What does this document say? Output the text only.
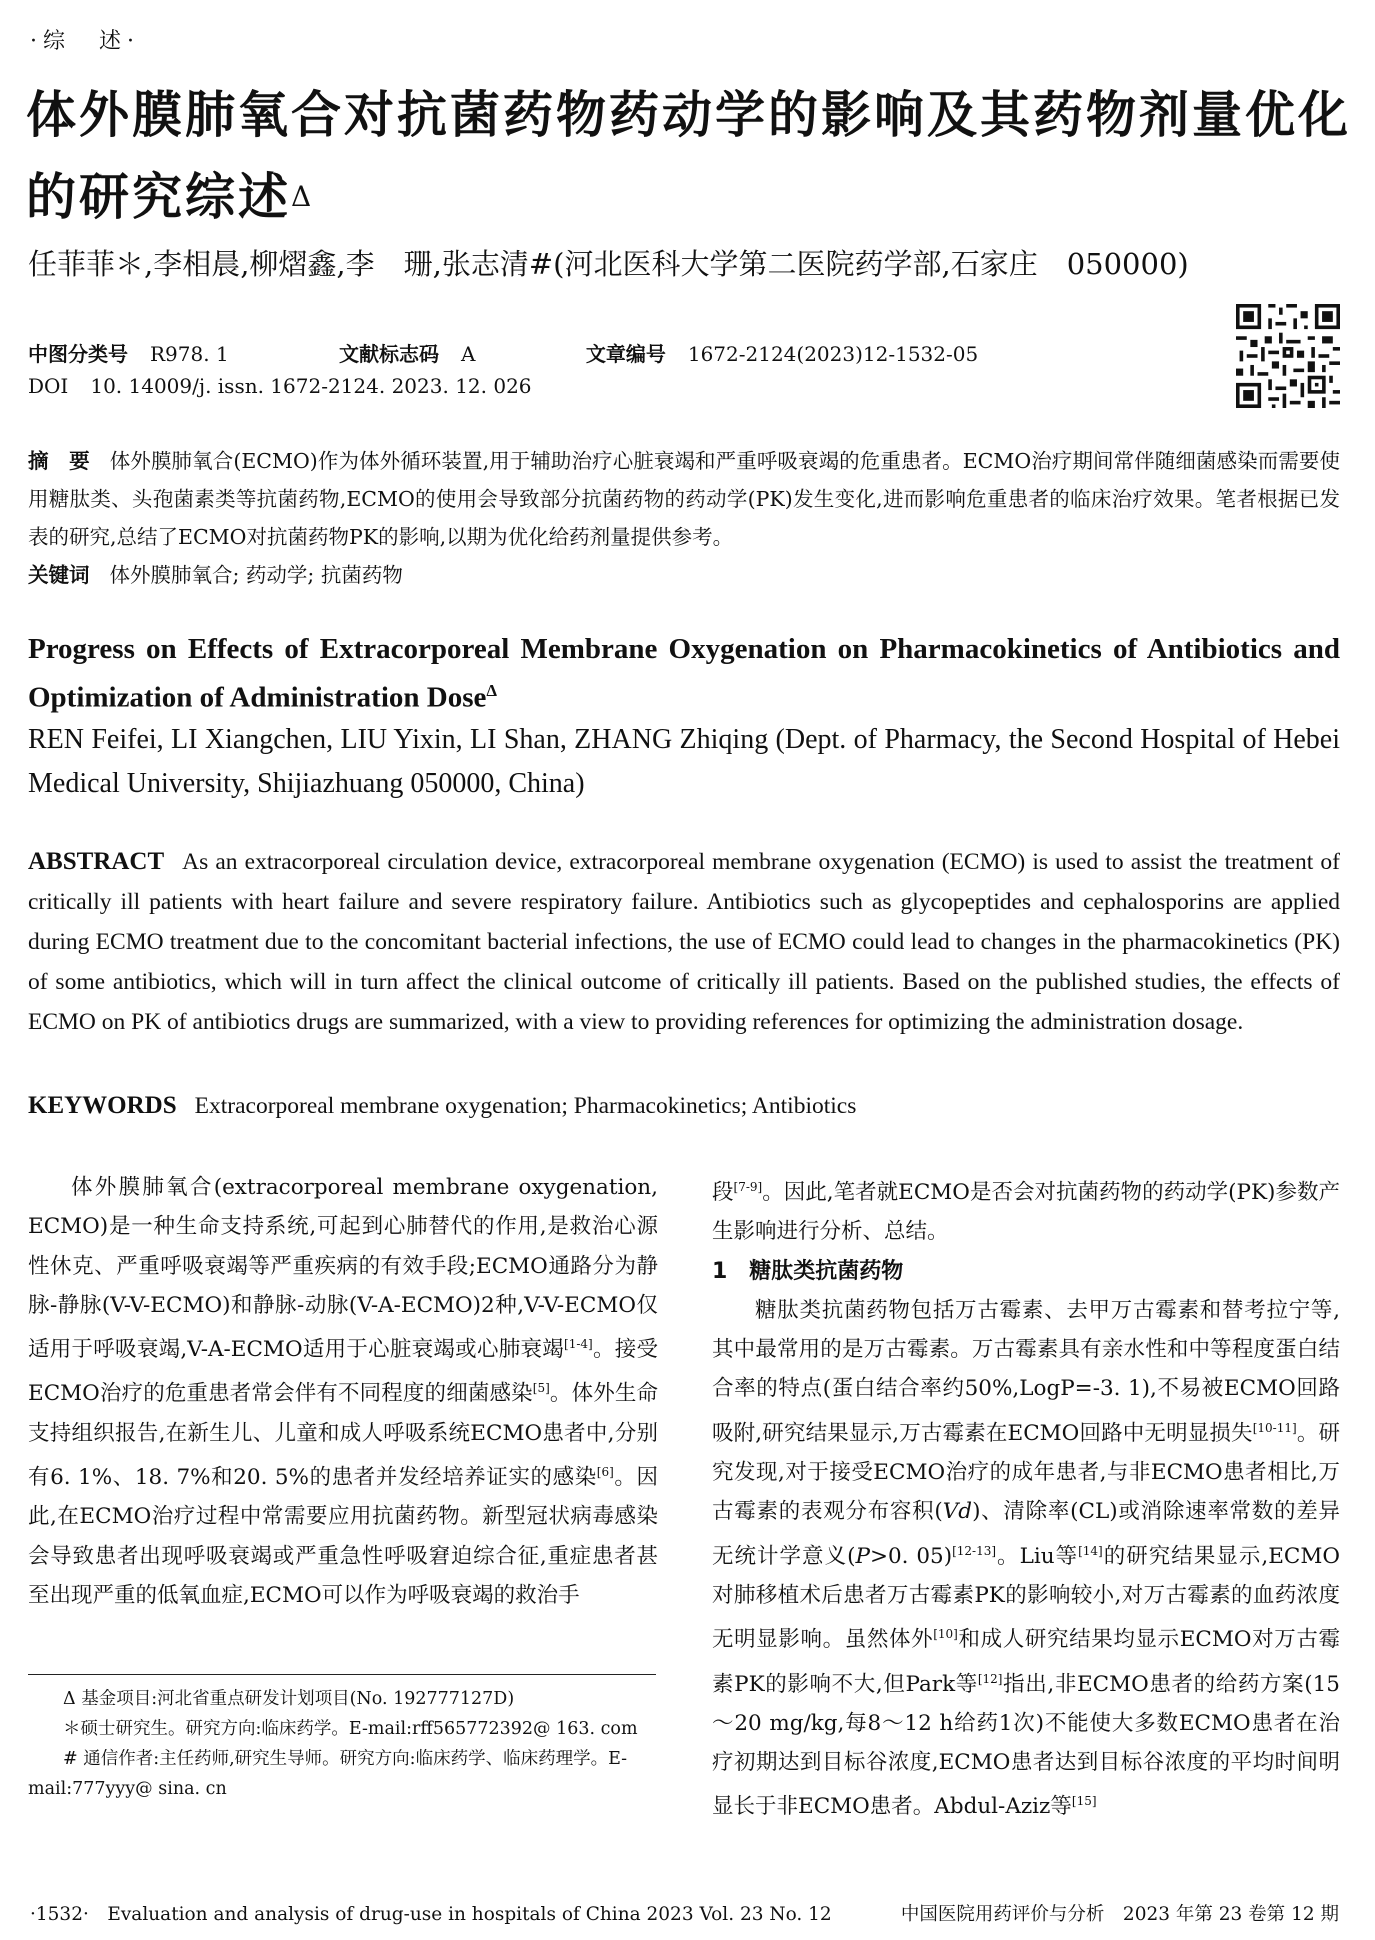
·综　述·
体外膜肺氧合对抗菌药物药动学的影响及其药物剂量优化的研究综述$^\Delta$
任菲菲＊,李相晨,柳熠鑫,李　珊,张志清#(河北医科大学第二医院药学部,石家庄　050000)
中图分类号 R978. 1	文献标志码 A	文章编号 1672-2124(2023)12-1532-05
DOI 10. 14009/j. issn. 1672-2124. 2023. 12. 026
摘　要 体外膜肺氧合(ECMO)作为体外循环装置,用于辅助治疗心脏衰竭和严重呼吸衰竭的危重患者。ECMO治疗期间常伴随细菌感染而需要使用糖肽类、头孢菌素类等抗菌药物,ECMO的使用会导致部分抗菌药物的药动学(PK)发生变化,进而影响危重患者的临床治疗效果。笔者根据已发表的研究,总结了ECMO对抗菌药物PK的影响,以期为优化给药剂量提供参考。
关键词 体外膜肺氧合; 药动学; 抗菌药物
Progress on Effects of Extracorporeal Membrane Oxygenation on Pharmacokinetics of Antibiotics and Optimization of Administration Dose$^\Delta$
REN Feifei, LI Xiangchen, LIU Yixin, LI Shan, ZHANG Zhiqing (Dept. of Pharmacy, the Second Hospital of Hebei Medical University, Shijiazhuang 050000, China)
ABSTRACT As an extracorporeal circulation device, extracorporeal membrane oxygenation (ECMO) is used to assist the treatment of critically ill patients with heart failure and severe respiratory failure. Antibiotics such as glycopeptides and cephalosporins are applied during ECMO treatment due to the concomitant bacterial infections, the use of ECMO could lead to changes in the pharmacokinetics (PK) of some antibiotics, which will in turn affect the clinical outcome of critically ill patients. Based on the published studies, the effects of ECMO on PK of antibiotics drugs are summarized, with a view to providing references for optimizing the administration dosage.
KEYWORDS Extracorporeal membrane oxygenation; Pharmacokinetics; Antibiotics

体外膜肺氧合(extracorporeal membrane oxygenation, ECMO)是一种生命支持系统,可起到心肺替代的作用,是救治心源性休克、严重呼吸衰竭等严重疾病的有效手段;ECMO通路分为静脉-静脉(V-V-ECMO)和静脉-动脉(V-A-ECMO)2种,V-V-ECMO仅适用于呼吸衰竭,V-A-ECMO适用于心脏衰竭或心肺衰竭[1-4]。接受ECMO治疗的危重患者常会伴有不同程度的细菌感染[5]。体外生命支持组织报告,在新生儿、儿童和成人呼吸系统ECMO患者中,分别有6. 1%、18. 7%和20. 5%的患者并发经培养证实的感染[6]。因此,在ECMO治疗过程中常需要应用抗菌药物。新型冠状病毒感染会导致患者出现呼吸衰竭或严重急性呼吸窘迫综合征,重症患者甚至出现严重的低氧血症,ECMO可以作为呼吸衰竭的救治手

Δ 基金项目:河北省重点研发计划项目(No. 192777127D)

＊硕士研究生。研究方向:临床药学。E-mail:rff565772392@ 163. com

# 通信作者:主任药师,研究生导师。研究方向:临床药学、临床药理学。E-mail:777yyy@ sina. cn

段[7-9]。因此,笔者就ECMO是否会对抗菌药物的药动学(PK)参数产生影响进行分析、总结。

1　糖肽类抗菌药物

糖肽类抗菌药物包括万古霉素、去甲万古霉素和替考拉宁等,其中最常用的是万古霉素。万古霉素具有亲水性和中等程度蛋白结合率的特点(蛋白结合率约50%,LogP=-3. 1),不易被ECMO回路吸附,研究结果显示,万古霉素在ECMO回路中无明显损失[10-11]。研究发现,对于接受ECMO治疗的成年患者,与非ECMO患者相比,万古霉素的表观分布容积(Vd)、清除率(CL)或消除速率常数的差异无统计学意义(P>0. 05)[12-13]。Liu等[14]的研究结果显示,ECMO对肺移植术后患者万古霉素PK的影响较小,对万古霉素的血药浓度无明显影响。虽然体外[10]和成人研究结果均显示ECMO对万古霉素PK的影响不大,但Park等[12]指出,非ECMO患者的给药方案(15～20 mg/kg,每8～12 h给药1次)不能使大多数ECMO患者在治疗初期达到目标谷浓度,ECMO患者达到目标谷浓度的平均时间明显长于非ECMO患者。Abdul-Aziz等[15]

·1532·　Evaluation and analysis of drug-use in hospitals of China 2023 Vol. 23 No. 12	中国医院用药评价与分析　2023 年第 23 卷第 12 期
